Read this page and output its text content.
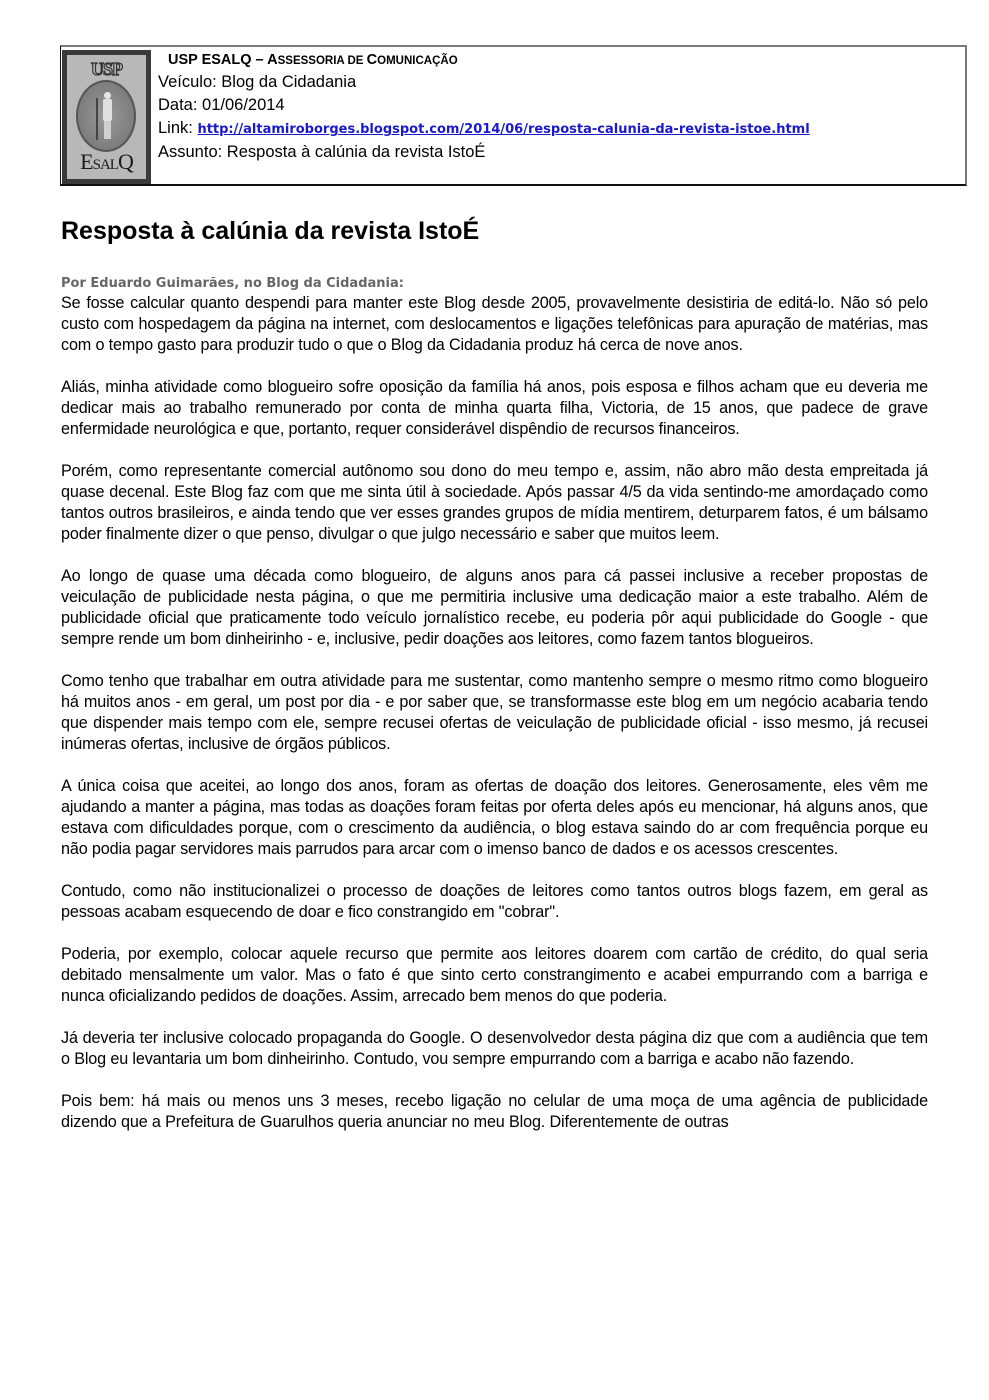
USP
ESALQ
USP ESALQ – ASSESSORIA DE COMUNICAÇÃO
Veículo: Blog da Cidadania
Data: 01/06/2014
Link: http://altamiroborges.blogspot.com/2014/06/resposta-calunia-da-revista-istoe.html
Assunto: Resposta à calúnia da revista IstoÉ
Resposta à calúnia da revista IstoÉ

Por Eduardo Guimarães, no Blog da Cidadania:

Se fosse calcular quanto despendi para manter este Blog desde 2005, provavelmente desistiria de editá-lo. Não só pelo custo com hospedagem da página na internet, com deslocamentos e ligações telefônicas para apuração de matérias, mas com o tempo gasto para produzir tudo o que o Blog da Cidadania produz há cerca de nove anos.

Aliás, minha atividade como blogueiro sofre oposição da família há anos, pois esposa e filhos acham que eu deveria me dedicar mais ao trabalho remunerado por conta de minha quarta filha, Victoria, de 15 anos, que padece de grave enfermidade neurológica e que, portanto, requer considerável dispêndio de recursos financeiros.

Porém, como representante comercial autônomo sou dono do meu tempo e, assim, não abro mão desta empreitada já quase decenal. Este Blog faz com que me sinta útil à sociedade. Após passar 4/5 da vida sentindo-me amordaçado como tantos outros brasileiros, e ainda tendo que ver esses grandes grupos de mídia mentirem, deturparem fatos, é um bálsamo poder finalmente dizer o que penso, divulgar o que julgo necessário e saber que muitos leem.

Ao longo de quase uma década como blogueiro, de alguns anos para cá passei inclusive a receber propostas de veiculação de publicidade nesta página, o que me permitiria inclusive uma dedicação maior a este trabalho. Além de publicidade oficial que praticamente todo veículo jornalístico recebe, eu poderia pôr aqui publicidade do Google - que sempre rende um bom dinheirinho - e, inclusive, pedir doações aos leitores, como fazem tantos blogueiros.

Como tenho que trabalhar em outra atividade para me sustentar, como mantenho sempre o mesmo ritmo como blogueiro há muitos anos - em geral, um post por dia - e por saber que, se transformasse este blog em um negócio acabaria tendo que dispender mais tempo com ele, sempre recusei ofertas de veiculação de publicidade oficial - isso mesmo, já recusei inúmeras ofertas, inclusive de órgãos públicos.

A única coisa que aceitei, ao longo dos anos, foram as ofertas de doação dos leitores. Generosamente, eles vêm me ajudando a manter a página, mas todas as doações foram feitas por oferta deles após eu mencionar, há alguns anos, que estava com dificuldades porque, com o crescimento da audiência, o blog estava saindo do ar com frequência porque eu não podia pagar servidores mais parrudos para arcar com o imenso banco de dados e os acessos crescentes.

Contudo, como não institucionalizei o processo de doações de leitores como tantos outros blogs fazem, em geral as pessoas acabam esquecendo de doar e fico constrangido em "cobrar".

Poderia, por exemplo, colocar aquele recurso que permite aos leitores doarem com cartão de crédito, do qual seria debitado mensalmente um valor. Mas o fato é que sinto certo constrangimento e acabei empurrando com a barriga e nunca oficializando pedidos de doações. Assim, arrecado bem menos do que poderia.

Já deveria ter inclusive colocado propaganda do Google. O desenvolvedor desta página diz que com a audiência que tem o Blog eu levantaria um bom dinheirinho. Contudo, vou sempre empurrando com a barriga e acabo não fazendo.

Pois bem: há mais ou menos uns 3 meses, recebo ligação no celular de uma moça de uma agência de publicidade dizendo que a Prefeitura de Guarulhos queria anunciar no meu Blog. Diferentemente de outras
